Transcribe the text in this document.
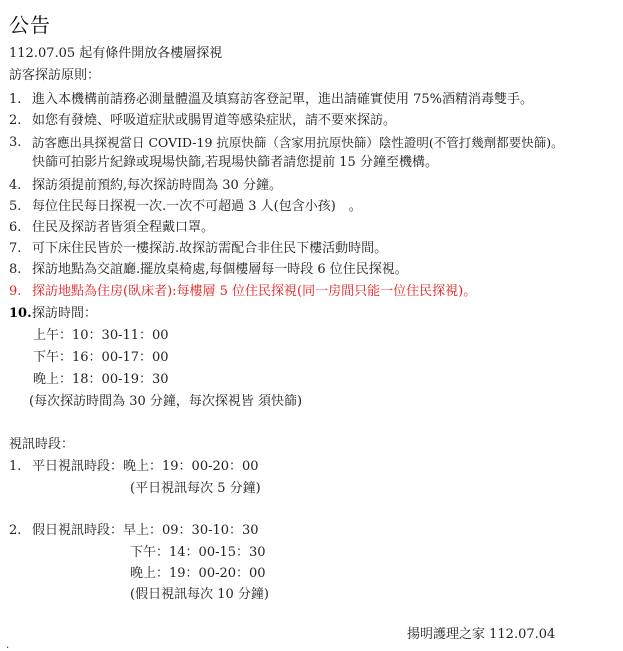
公告
112.07.05 起有條件開放各樓層探視
訪客探訪原則：
1. 進入本機構前請務必測量體溫及填寫訪客登記單，進出請確實使用 75%酒精消毒雙手。
2. 如您有發燒、呼吸道症狀或腸胃道等感染症狀，請不要來探訪。
3. 訪客應出具探視當日 COVID-19 抗原快篩（含家用抗原快篩）陰性證明(不管打幾劑都要快篩)。
快篩可拍影片紀錄或現場快篩,若現場快篩者請您提前 15 分鐘至機構。
4. 探訪須提前預約,每次探訪時間為 30 分鐘。
5. 每位住民每日探視一次.一次不可超過 3 人(包含小孩)　。
6. 住民及探訪者皆須全程戴口罩。
7. 可下床住民皆於一樓探訪.故探訪需配合非住民下樓活動時間。
8. 探訪地點為交誼廳.擺放桌椅處,每個樓層每一時段 6 位住民探視。
9. 探訪地點為住房(臥床者):每樓層 5 位住民探視(同一房間只能一位住民探視)。
10. 探訪時間：
上午：10：30-11：00
下午：16：00-17：00
晚上：18：00-19：30
(每次探訪時間為 30 分鐘，每次探視皆 須快篩)
視訊時段：
1. 平日視訊時段：晚上：19：00-20：00
(平日視訊每次 5 分鐘)
2. 假日視訊時段：早上：09：30-10：30
下午：14：00-15：30
晚上：19：00-20：00
(假日視訊每次 10 分鐘)
揚明護理之家 112.07.04
.
